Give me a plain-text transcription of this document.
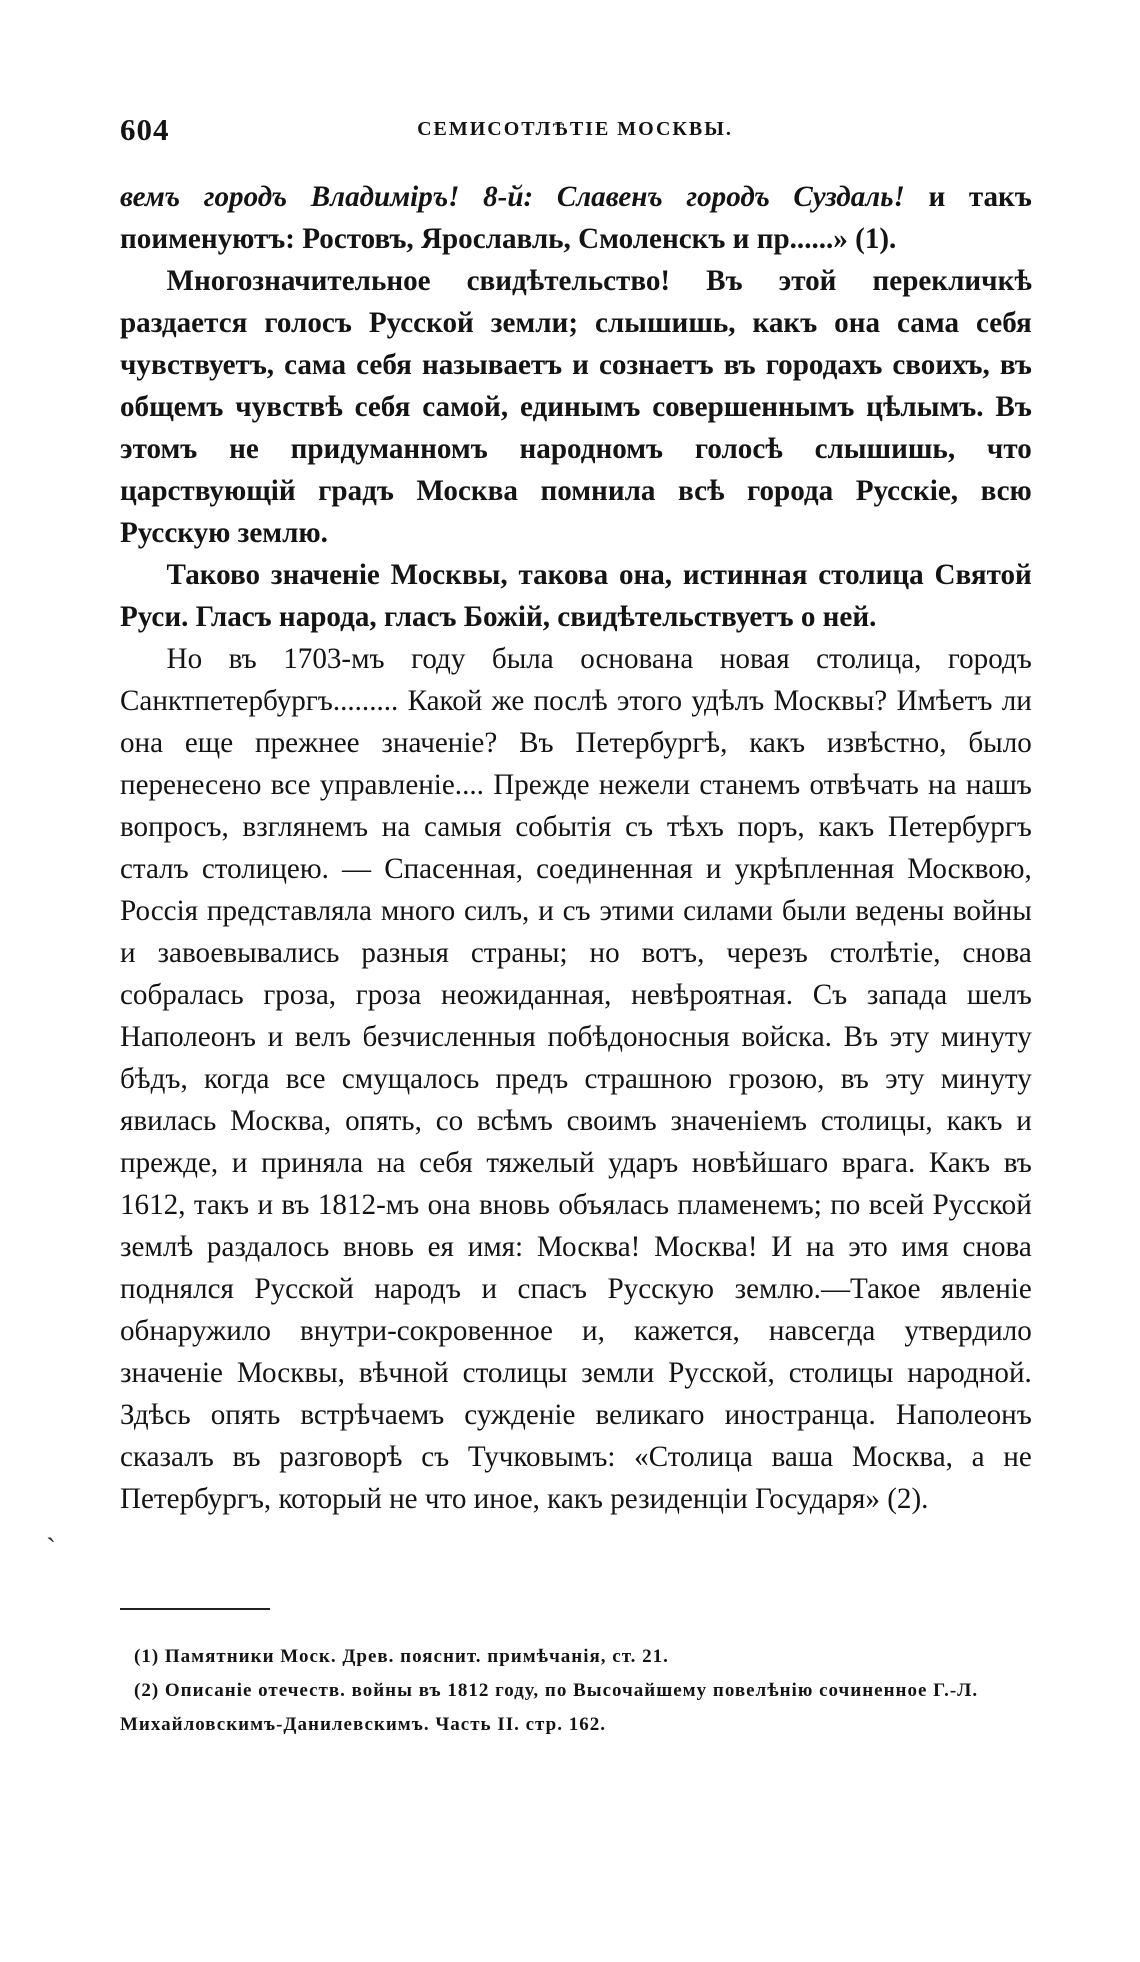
604	СЕМИСОТЛѢТІЕ МОСКВЫ.

вемъ городъ Владиміръ! 8-й: Славенъ городъ Суздаль! и такъ поименуютъ: Ростовъ, Ярославль, Смоленскъ и пр......» (1).

Многозначительное свидѣтельство! Въ этой перекличкѣ раздается голосъ Русской земли; слышишь, какъ она сама себя чувствуетъ, сама себя называетъ и сознаетъ въ городахъ своихъ, въ общемъ чувствѣ себя самой, единымъ совершеннымъ цѣлымъ. Въ этомъ не придуманномъ народномъ голосѣ слышишь, что царствующій градъ Москва помнила всѣ города Русскіе, всю Русскую землю.

Таково значеніе Москвы, такова она, истинная столица Святой Руси. Гласъ народа, гласъ Божій, свидѣтельствуетъ о ней.

Но въ 1703-мъ году была основана новая столица, городъ Санктпетербургъ......... Какой же послѣ этого удѣлъ Москвы? Имѣетъ ли она еще прежнее значеніе? Въ Петербургѣ, какъ извѣстно, было перенесено все управленіе.... Прежде нежели станемъ отвѣчать на нашъ вопросъ, взглянемъ на самыя событія съ тѣхъ поръ, какъ Петербургъ сталъ столицею. — Спасенная, соединенная и укрѣпленная Москвою, Россія представляла много силъ, и съ этими силами были ведены войны и завоевывались разныя страны; но вотъ, черезъ столѣтіе, снова собралась гроза, гроза неожиданная, невѣроятная. Съ запада шелъ Наполеонъ и велъ безчисленныя побѣдоносныя войска. Въ эту минуту бѣдъ, когда все смущалось предъ страшною грозою, въ эту минуту явилась Москва, опять, со всѣмъ своимъ значеніемъ столицы, какъ и прежде, и приняла на себя тяжелый ударъ новѣйшаго врага. Какъ въ 1612, такъ и въ 1812-мъ она вновь объялась пламенемъ; по всей Русской землѣ раздалось вновь ея имя: Москва! Москва! И на это имя снова поднялся Русской народъ и спасъ Русскую землю.—Такое явленіе обнаружило внутри-сокровенное и, кажется, навсегда утвердило значеніе Москвы, вѣчной столицы земли Русской, столицы народной. Здѣсь опять встрѣчаемъ сужденіе великаго иностранца. Наполеонъ сказалъ въ разговорѣ съ Тучковымъ: «Столица ваша Москва, а не Петербургъ, который не что иное, какъ резиденціи Государя» (2).

ˋ

(1) Памятники Моск. Древ. пояснит. примѣчанія, ст. 21.

(2) Описаніе отечеств. войны въ 1812 году, по Высочайшему повелѣнію сочиненное Г.-Л. Михайловскимъ-Данилевскимъ. Часть II. стр. 162.
